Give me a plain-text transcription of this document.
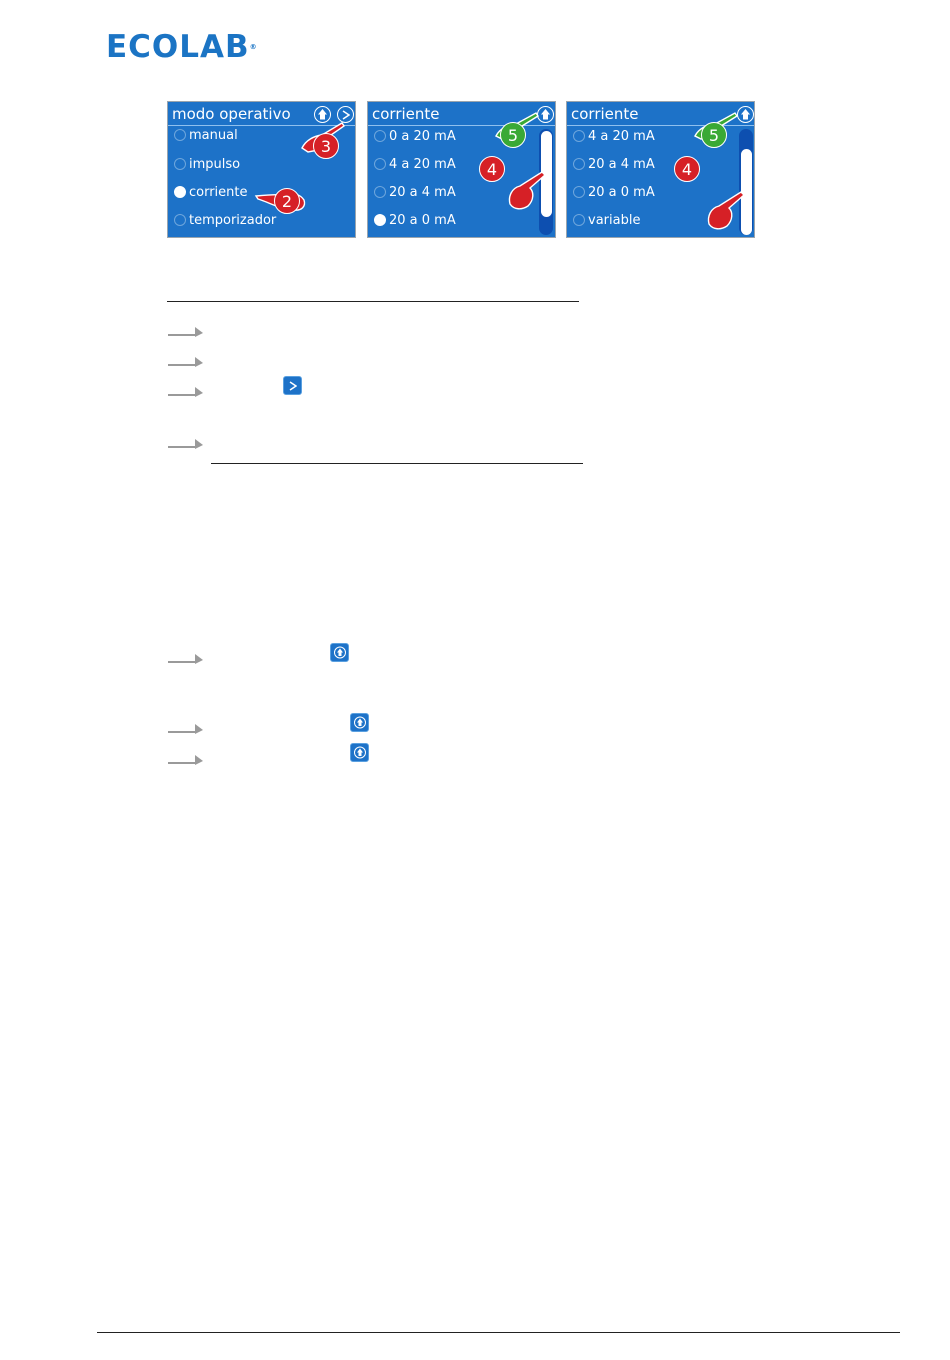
ECOLAB®
modo operativo
manual
impulso
corriente
temporizador
3
2
corriente
0 a 20 mA
4 a 20 mA
20 a 4 mA
20 a 0 mA
5
4
corriente
4 a 20 mA
20 a 4 mA
20 a 0 mA
variable
5
4
